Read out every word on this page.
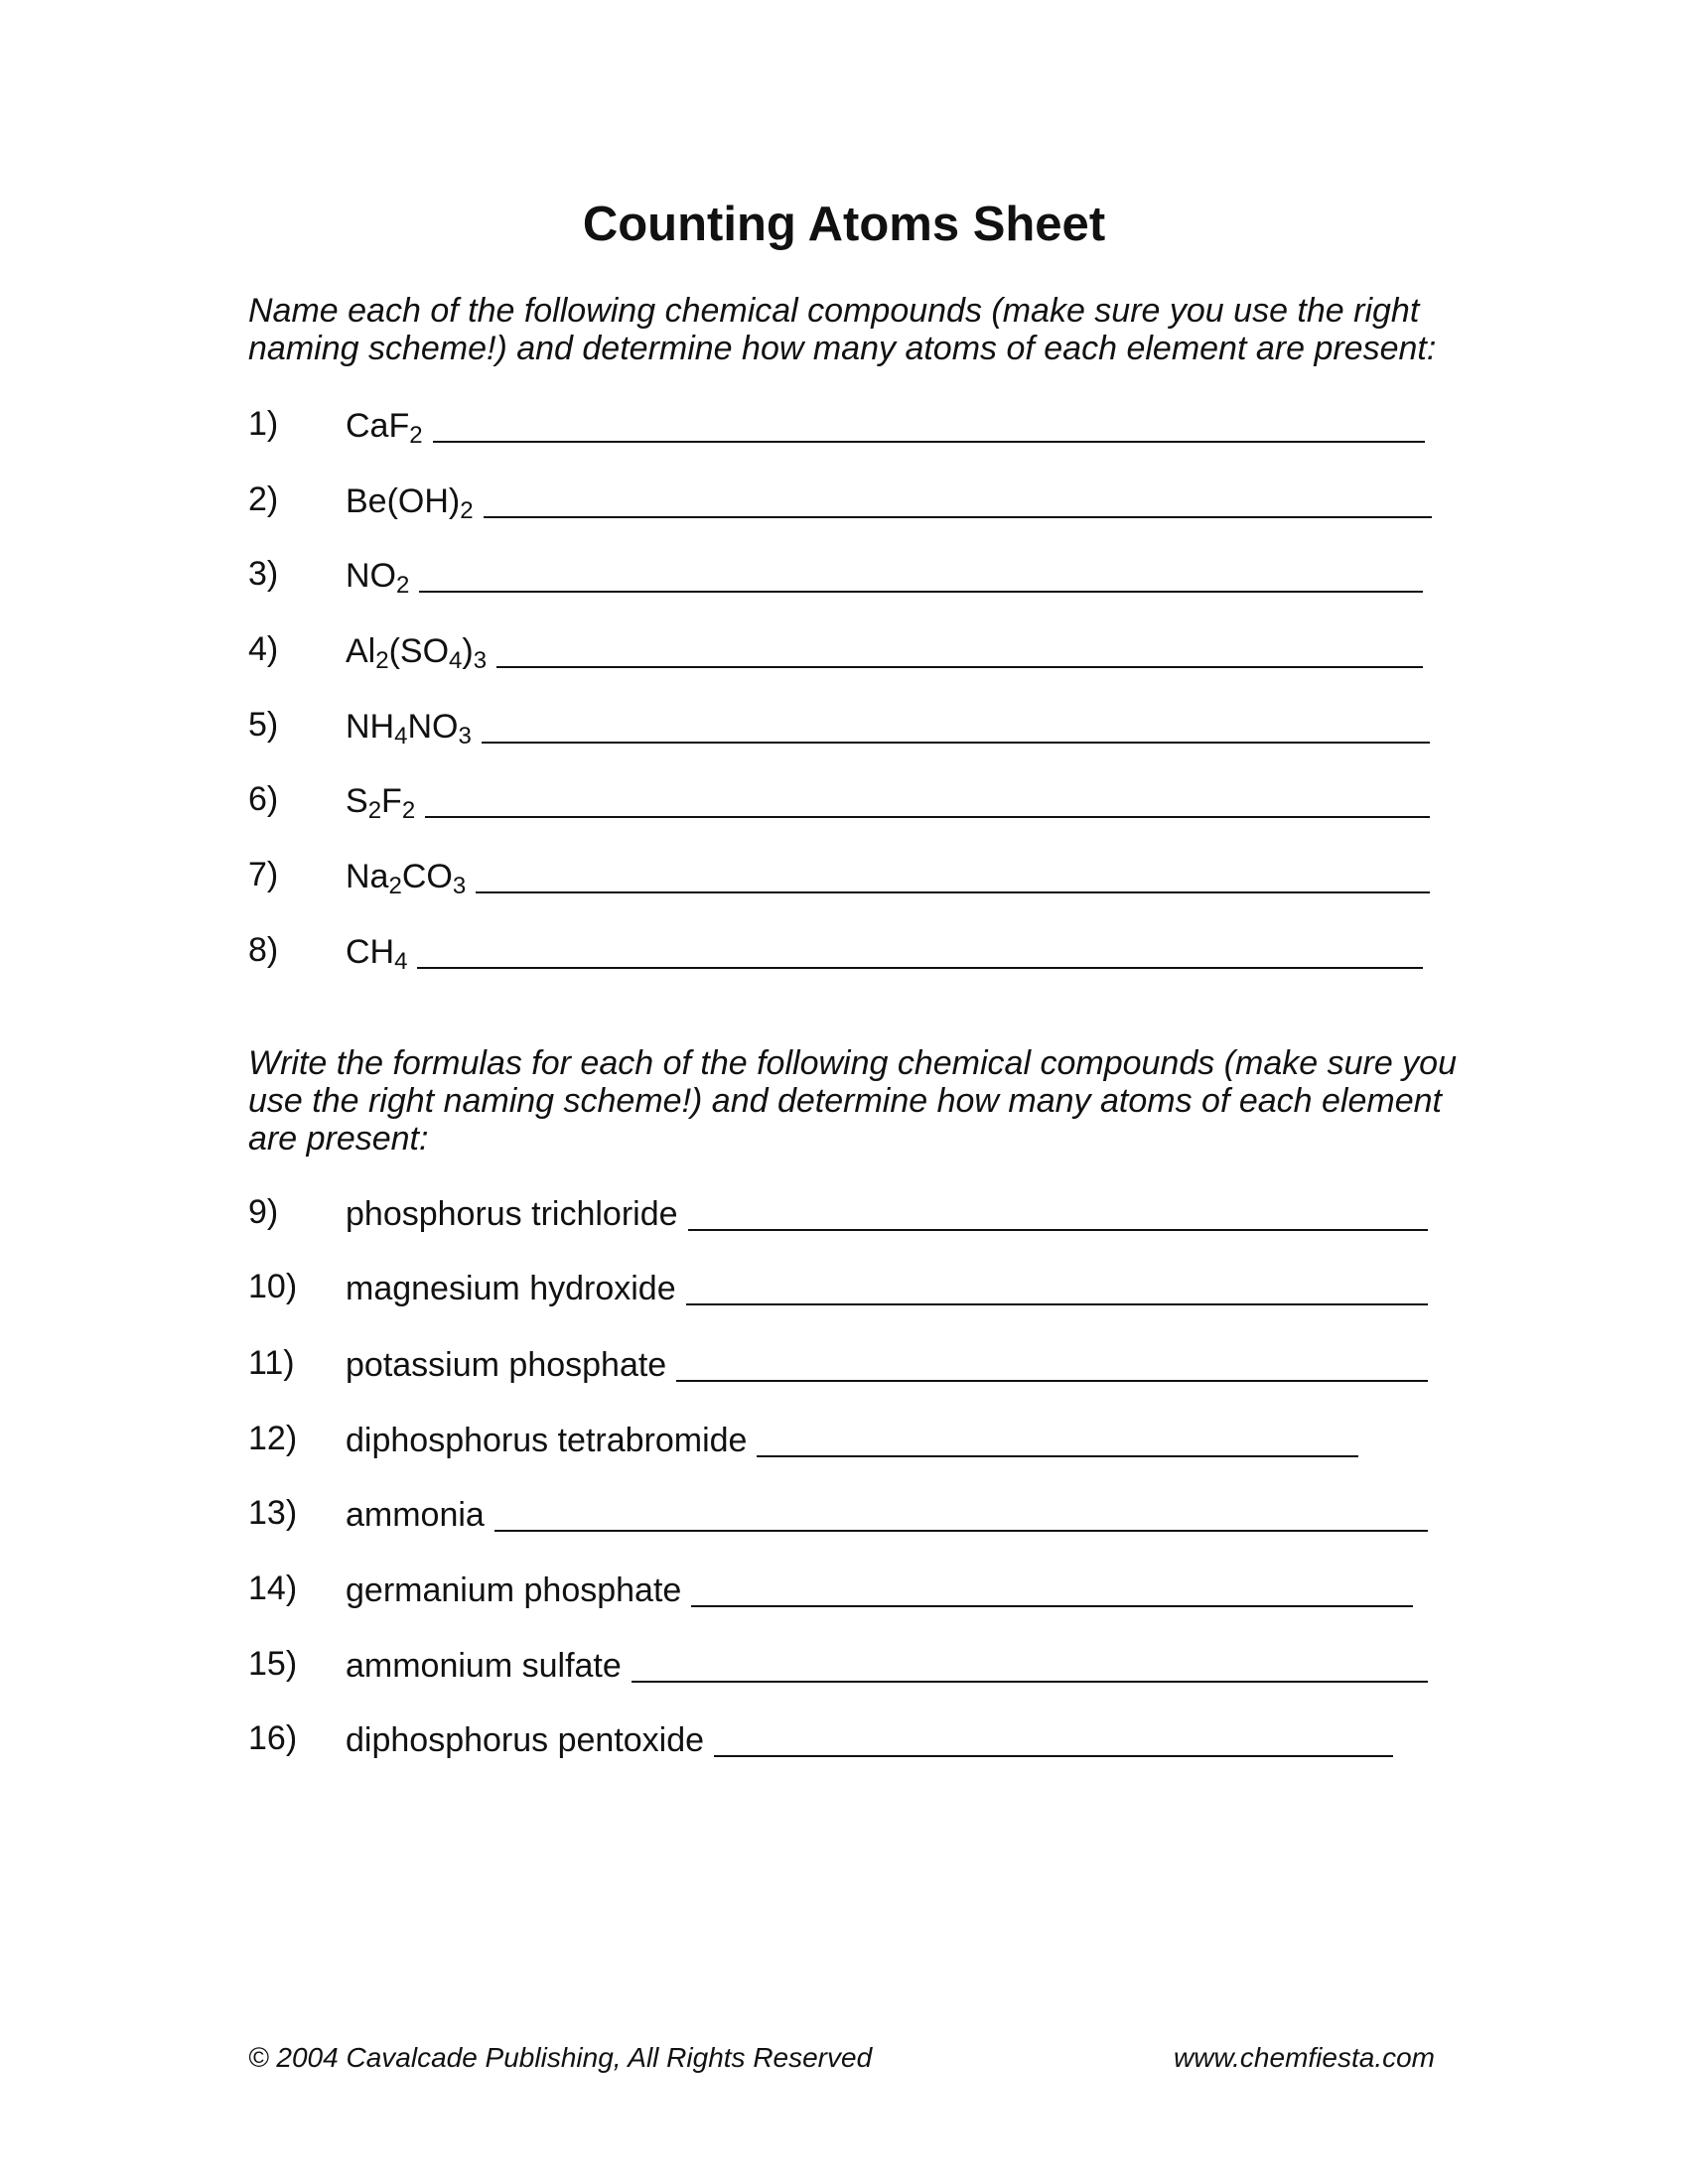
Counting Atoms Sheet

Name each of the following chemical compounds (make sure you use the right naming scheme!) and determine how many atoms of each element are present:

1) CaF$_2$
2) $Be(OH)_2$
3) $NO_2$
4) $Al_2(SO_4)_3$
5) $NH_4NO_3$
6) $S_2F_2$
7) $Na_2CO_3$
8) $CH_4$

Write the formulas for each of the following chemical compounds (make sure you use the right naming scheme!) and determine how many atoms of each element are present:

9) phosphorus trichloride
10) magnesium hydroxide
11) potassium phosphate
12) diphosphorus tetrabromide
13) ammonia
14) germanium phosphate
15) ammonium sulfate
16) diphosphorus pentoxide
© 2004 Cavalcade Publishing, All Rights Reserved	www.chemfiesta.com
